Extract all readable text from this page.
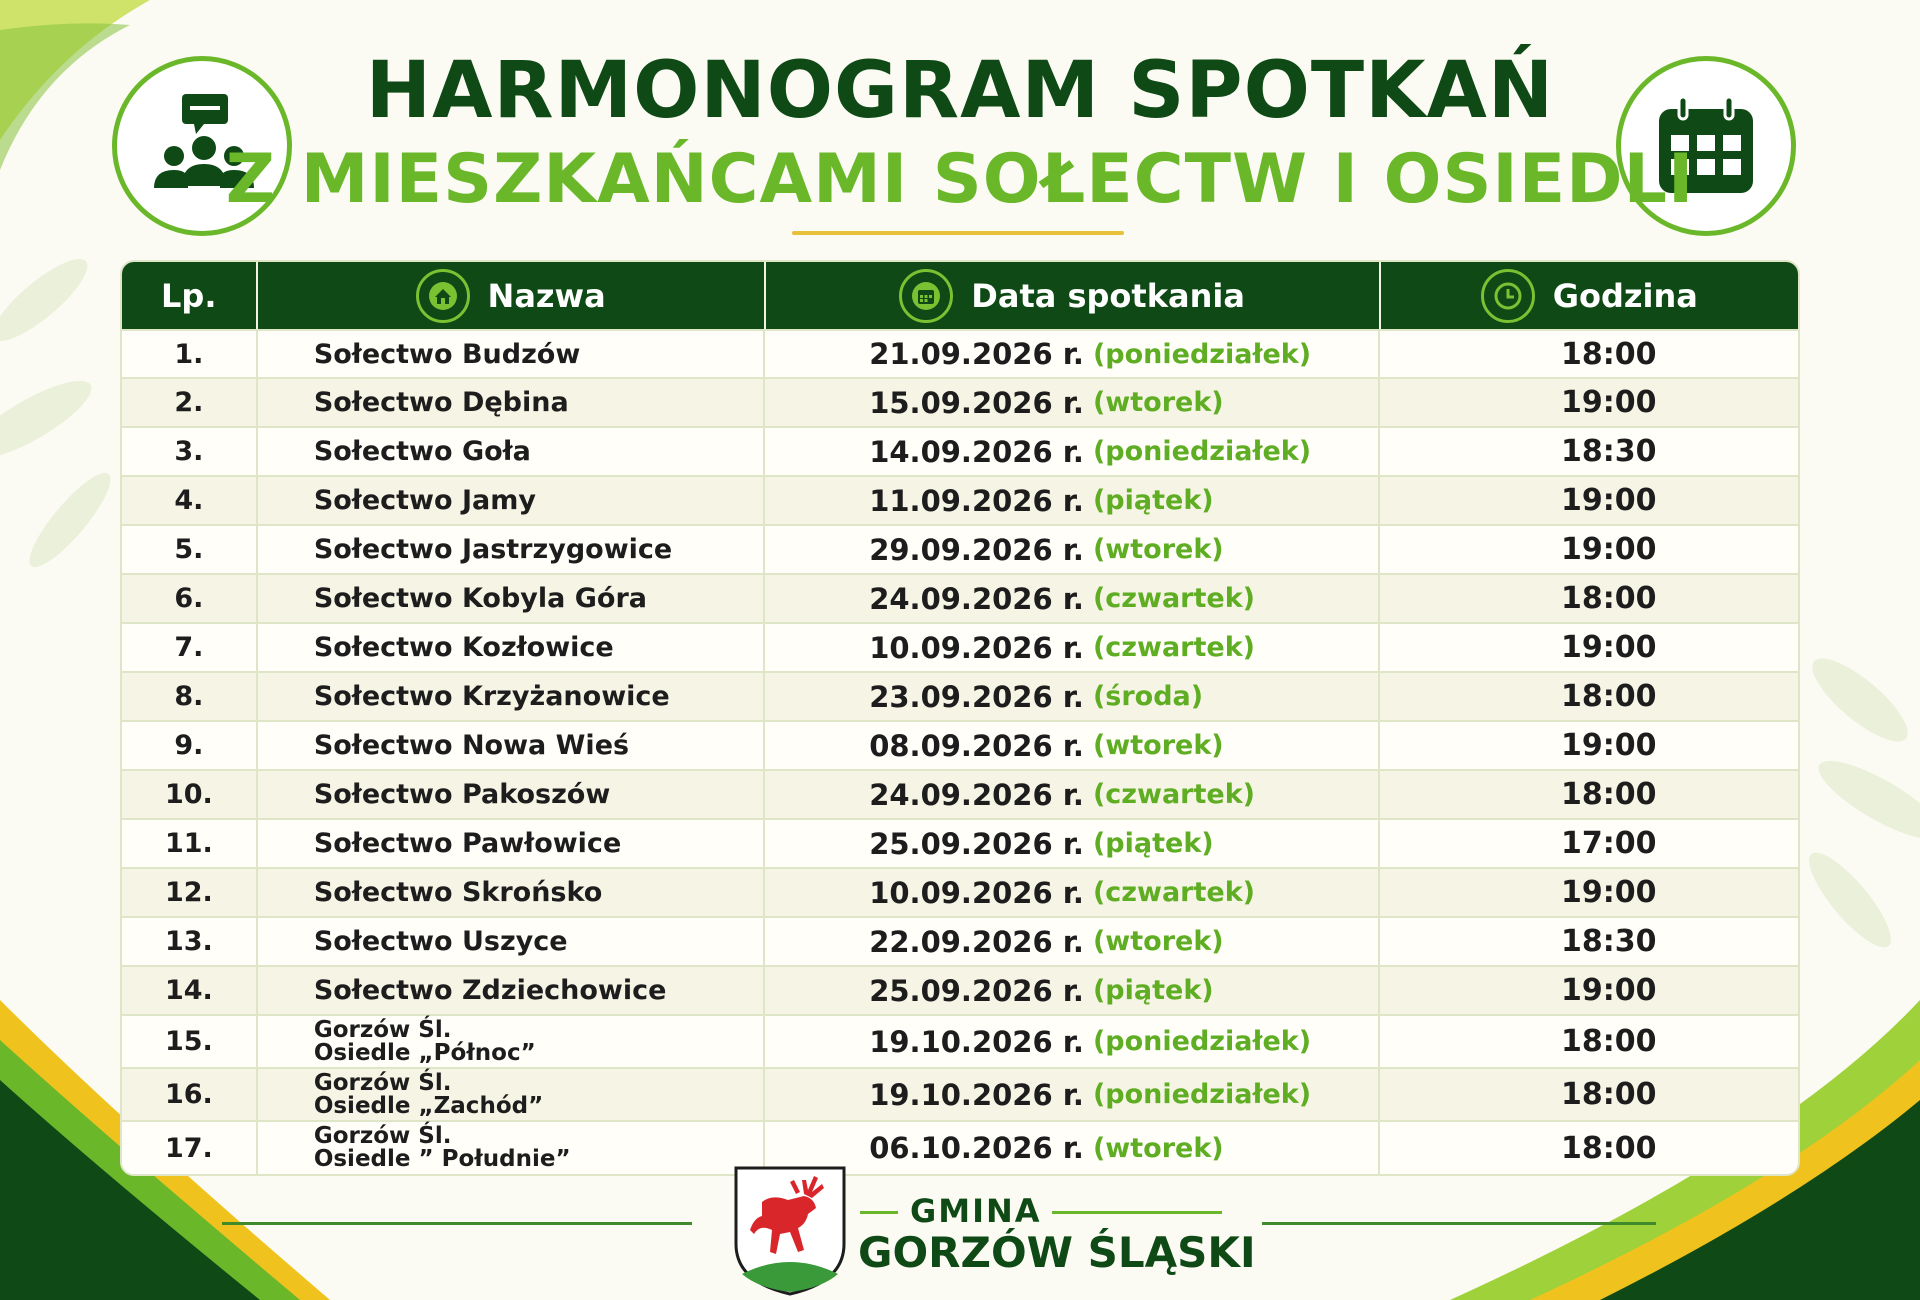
HARMONOGRAM SPOTKAŃ
Z MIESZKAŃCAMI SOŁECTW I OSIEDLI
Lp.	Nazwa	Data spotkania	Godzina
1.	Sołectwo Budzów	21.09.2026 r. (poniedziałek)	18:00
2.	Sołectwo Dębina	15.09.2026 r. (wtorek)	19:00
3.	Sołectwo Goła	14.09.2026 r. (poniedziałek)	18:30
4.	Sołectwo Jamy	11.09.2026 r. (piątek)	19:00
5.	Sołectwo Jastrzygowice	29.09.2026 r. (wtorek)	19:00
6.	Sołectwo Kobyla Góra	24.09.2026 r. (czwartek)	18:00
7.	Sołectwo Kozłowice	10.09.2026 r. (czwartek)	19:00
8.	Sołectwo Krzyżanowice	23.09.2026 r. (środa)	18:00
9.	Sołectwo Nowa Wieś	08.09.2026 r. (wtorek)	19:00
10.	Sołectwo Pakoszów	24.09.2026 r. (czwartek)	18:00
11.	Sołectwo Pawłowice	25.09.2026 r. (piątek)	17:00
12.	Sołectwo Skrońsko	10.09.2026 r. (czwartek)	19:00
13.	Sołectwo Uszyce	22.09.2026 r. (wtorek)	18:30
14.	Sołectwo Zdziechowice	25.09.2026 r. (piątek)	19:00
15.	Gorzów Śl.
Osiedle „Północ”	19.10.2026 r. (poniedziałek)	18:00
16.	Gorzów Śl.
Osiedle „Zachód”	19.10.2026 r. (poniedziałek)	18:00
17.	Gorzów Śl.
Osiedle ” Południe”	06.10.2026 r. (wtorek)	18:00
GMINA
GORZÓW ŚLĄSKI
